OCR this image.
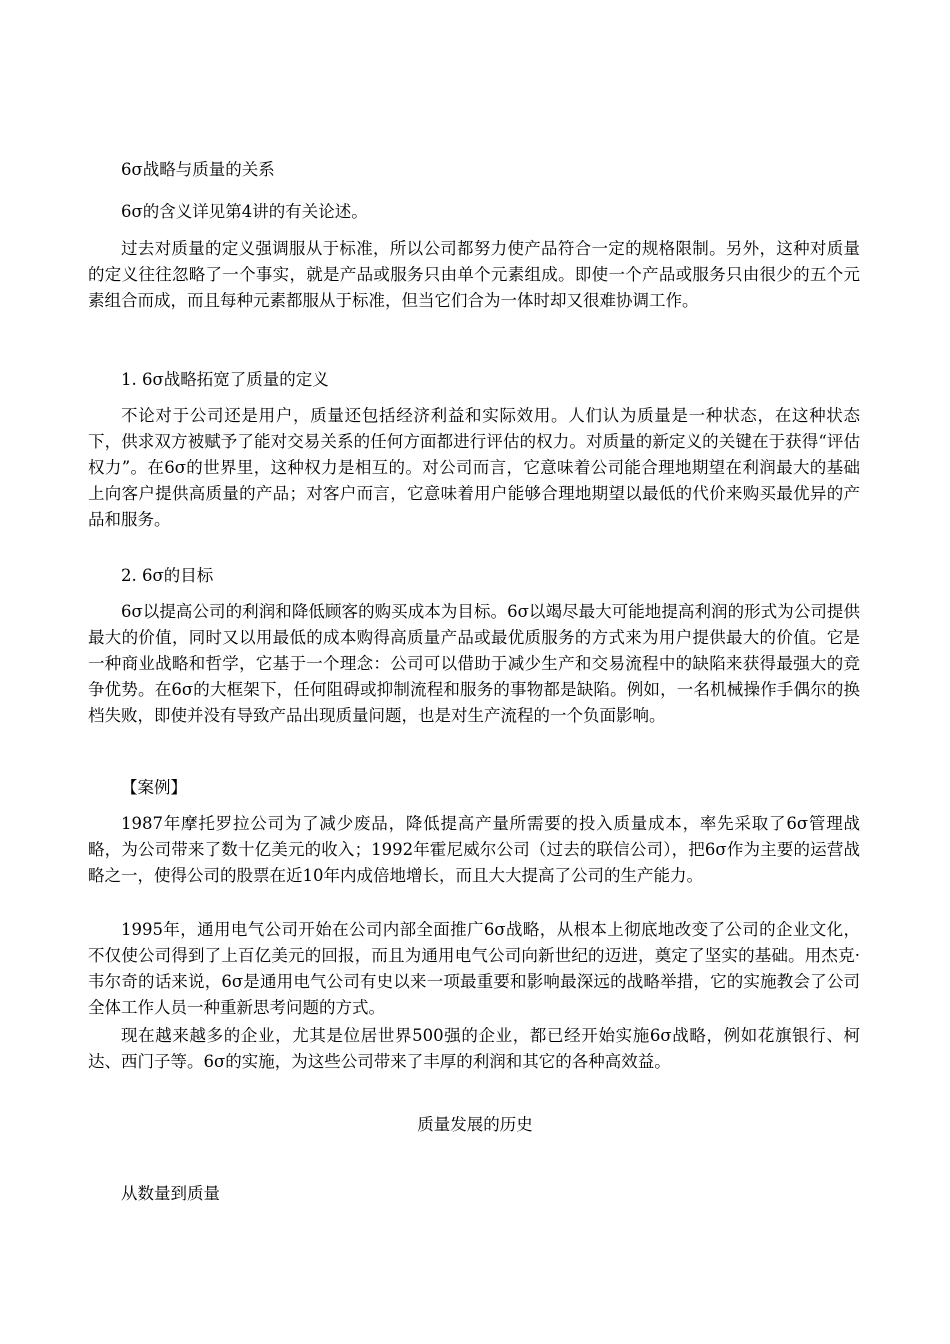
6σ战略与质量的关系

6σ的含义详见第4讲的有关论述。

过去对质量的定义强调服从于标准，所以公司都努力使产品符合一定的规格限制。另外，这种对质量的定义往往忽略了一个事实，就是产品或服务只由单个元素组成。即使一个产品或服务只由很少的五个元素组合而成，而且每种元素都服从于标准，但当它们合为一体时却又很难协调工作。

1. 6σ战略拓宽了质量的定义

不论对于公司还是用户，质量还包括经济利益和实际效用。人们认为质量是一种状态，在这种状态下，供求双方被赋予了能对交易关系的任何方面都进行评估的权力。对质量的新定义的关键在于获得“评估权力”。在6σ的世界里，这种权力是相互的。对公司而言，它意味着公司能合理地期望在利润最大的基础上向客户提供高质量的产品；对客户而言，它意味着用户能够合理地期望以最低的代价来购买最优异的产品和服务。

2. 6σ的目标

6σ以提高公司的利润和降低顾客的购买成本为目标。6σ以竭尽最大可能地提高利润的形式为公司提供最大的价值，同时又以用最低的成本购得高质量产品或最优质服务的方式来为用户提供最大的价值。它是一种商业战略和哲学，它基于一个理念：公司可以借助于减少生产和交易流程中的缺陷来获得最强大的竞争优势。在6σ的大框架下，任何阻碍或抑制流程和服务的事物都是缺陷。例如，一名机械操作手偶尔的换档失败，即使并没有导致产品出现质量问题，也是对生产流程的一个负面影响。

【案例】

1987年摩托罗拉公司为了减少废品，降低提高产量所需要的投入质量成本，率先采取了6σ管理战略，为公司带来了数十亿美元的收入；1992年霍尼威尔公司（过去的联信公司），把6σ作为主要的运营战略之一，使得公司的股票在近10年内成倍地增长，而且大大提高了公司的生产能力。

1995年，通用电气公司开始在公司内部全面推广6σ战略，从根本上彻底地改变了公司的企业文化，不仅使公司得到了上百亿美元的回报，而且为通用电气公司向新世纪的迈进，奠定了坚实的基础。用杰克·韦尔奇的话来说，6σ是通用电气公司有史以来一项最重要和影响最深远的战略举措，它的实施教会了公司全体工作人员一种重新思考问题的方式。

现在越来越多的企业，尤其是位居世界500强的企业，都已经开始实施6σ战略，例如花旗银行、柯达、西门子等。6σ的实施，为这些公司带来了丰厚的利润和其它的各种高效益。

质量发展的历史

从数量到质量
